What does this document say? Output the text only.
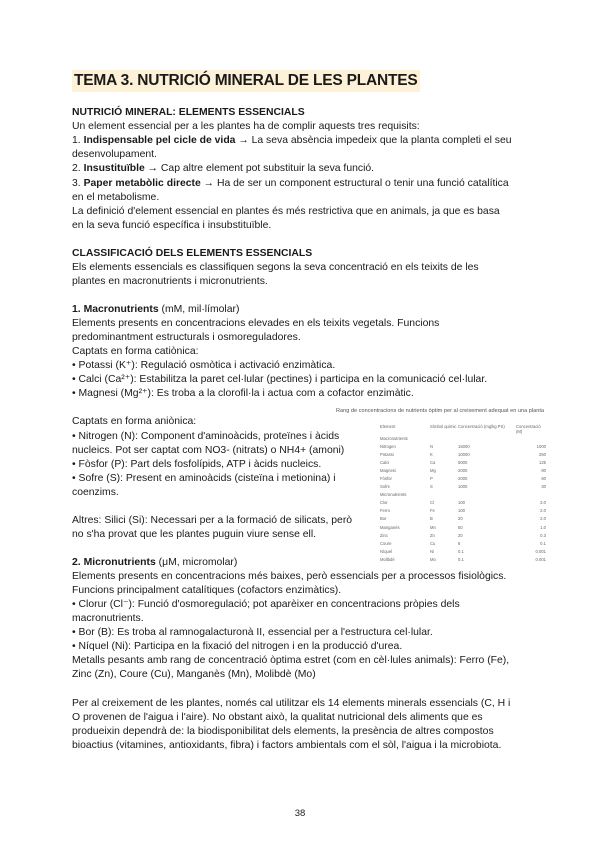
TEMA 3. NUTRICIÓ MINERAL DE LES PLANTES
NUTRICIÓ MINERAL: ELEMENTS ESSENCIALS
Un element essencial per a les plantes ha de complir aquests tres requisits:
1. Indispensable pel cicle de vida → La seva absència impedeix que la planta completi el seu
desenvolupament.
2. Insustituïble → Cap altre element pot substituir la seva funció.
3. Paper metabòlic directe → Ha de ser un component estructural o tenir una funció catalítica
en el metabolisme.
La definició d'element essencial en plantes és més restrictiva que en animals, ja que es basa
en la seva funció específica i insubstituïble.
CLASSIFICACIÓ DELS ELEMENTS ESSENCIALS
Els elements essencials es classifiquen segons la seva concentració en els teixits de les
plantes en macronutrients i micronutrients.
1. Macronutrients (mM, mil·límolar)
Elements presents en concentracions elevades en els teixits vegetals. Funcions
predominantment estructurals i osmoreguladores.
Captats en forma catiònica:
• Potassi (K⁺): Regulació osmòtica i activació enzimàtica.
• Calci (Ca²⁺): Estabilitza la paret cel·lular (pectines) i participa en la comunicació cel·lular.
• Magnesi (Mg²⁺): Es troba a la clorofil·la i actua com a cofactor enzimàtic.
Captats en forma aniònica:
• Nitrogen (N): Component d'aminoàcids, proteïnes i àcids
nucleics. Pot ser captat com NO3- (nitrats) o NH4+ (amoni)
• Fòsfor (P): Part dels fosfolípids, ATP i àcids nucleics.
• Sofre (S): Present en aminoàcids (cisteïna i metionina) i
coenzims.
Altres: Silici (Si): Necessari per a la formació de silicats, però
no s'ha provat que les plantes puguin viure sense ell.
Rang de concentracions de nutrients òptim per al creixement adequat en una planta
Element	Símbol químic	Concentració (mg/kg PS)	Concentració (M)
Macronutrients			
Nitrogen	N	15000	1000
Potassi	K	10000	250
Calci	Ca	5000	125
Magnesi	Mg	2000	80
Fòsfor	P	2000	60
Sofre	S	1000	30
Micronutrients			
Clor	Cl	100	3.0
Ferro	Fe	100	2.0
Bor	B	20	2.0
Manganès	Mn	50	1.0
Zinc	Zn	20	0.3
Coure	Cu	6	0.1
Níquel	Ni	0.1	0.001
Molibdè	Mo	0.1	0.001
2. Micronutrients (μM, micromolar)
Elements presents en concentracions més baixes, però essencials per a processos fisiològics.
Funcions principalment catalítiques (cofactors enzimàtics).
• Clorur (Cl⁻): Funció d'osmoregulació; pot aparèixer en concentracions pròpies dels
macronutrients.
• Bor (B): Es troba al ramnogalacturonà II, essencial per a l'estructura cel·lular.
• Níquel (Ni): Participa en la fixació del nitrogen i en la producció d'urea.
Metalls pesants amb rang de concentració òptima estret (com en cèl·lules animals): Ferro (Fe),
Zinc (Zn), Coure (Cu), Manganès (Mn), Molibdè (Mo)
Per al creixement de les plantes, només cal utilitzar els 14 elements minerals essencials (C, H i
O provenen de l'aigua i l'aire). No obstant això, la qualitat nutricional dels aliments que es
produeixin dependrà de: la biodisponibilitat dels elements, la presència de altres compostos
bioactius (vitamines, antioxidants, fibra) i factors ambientals com el sòl, l'aigua i la microbiota.
38
